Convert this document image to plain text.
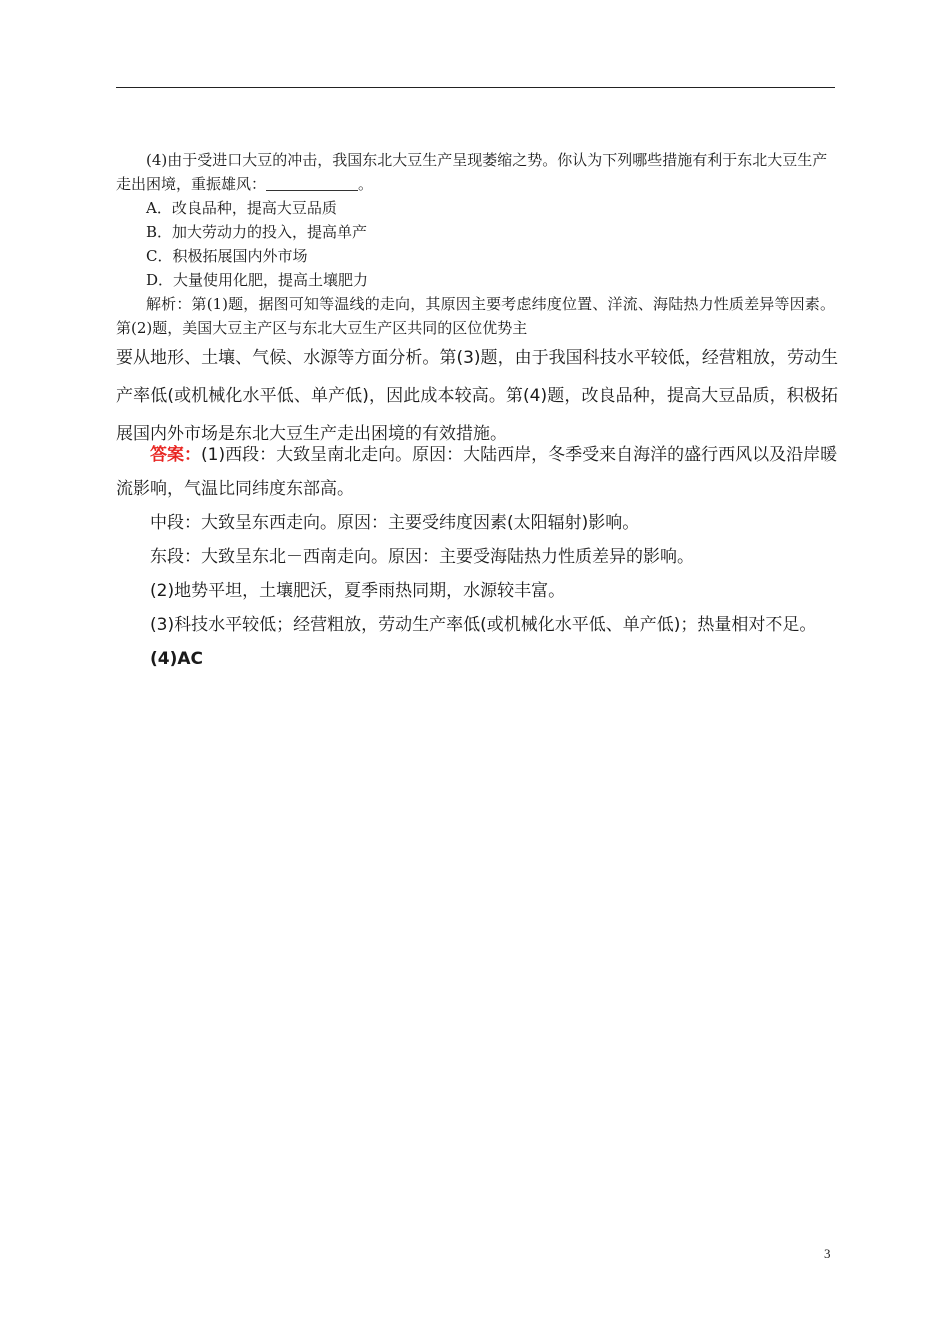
(4)由于受进口大豆的冲击，我国东北大豆生产呈现萎缩之势。你认为下列哪些措施有利于东北大豆生产走出困境，重振雄风：	。

A．改良品种，提高大豆品质

B．加大劳动力的投入，提高单产

C．积极拓展国内外市场

D．大量使用化肥，提高土壤肥力

解析：第(1)题，据图可知等温线的走向，其原因主要考虑纬度位置、洋流、海陆热力性质差异等因素。第(2)题，美国大豆主产区与东北大豆生产区共同的区位优势主
要从地形、土壤、气候、水源等方面分析。第(3)题，由于我国科技水平较低，经营粗放，劳动生产率低(或机械化水平低、单产低)，因此成本较高。第(4)题，改良品种，提高大豆品质，积极拓展国内外市场是东北大豆生产走出困境的有效措施。

答案：(1)西段：大致呈南北走向。原因：大陆西岸，冬季受来自海洋的盛行西风以及沿岸暖流影响，气温比同纬度东部高。

中段：大致呈东西走向。原因：主要受纬度因素(太阳辐射)影响。

东段：大致呈东北－西南走向。原因：主要受海陆热力性质差异的影响。

(2)地势平坦，土壤肥沃，夏季雨热同期，水源较丰富。

(3)科技水平较低；经营粗放，劳动生产率低(或机械化水平低、单产低)；热量相对不足。

(4)AC

3
